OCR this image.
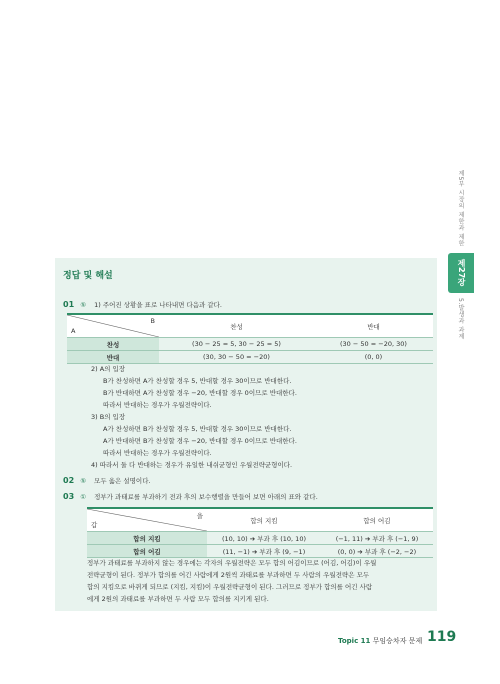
제5부 시장의 제한과 제한
제27장
5.발생과 과제
정답 및 해설
01 ⑤ 1) 주어진 상황을 표로 나타내면 다음과 같다.
B
A	찬성	반대
찬성	(30 − 25 = 5, 30 − 25 = 5)	(30 − 50 = −20, 30)
반대	(30, 30 − 50 = −20)	(0, 0)
2) A의 입장
B가 찬성하면 A가 찬성할 경우 5, 반대할 경우 30이므로 반대한다.
B가 반대하면 A가 찬성할 경우 −20, 반대할 경우 0이므로 반대한다.
따라서 반대하는 경우가 우월전략이다.
3) B의 입장
A가 찬성하면 B가 찬성할 경우 5, 반대할 경우 30이므로 반대한다.
A가 반대하면 B가 찬성할 경우 −20, 반대할 경우 0이므로 반대한다.
따라서 반대하는 경우가 우월전략이다.
4) 따라서 둘 다 반대하는 경우가 유일한 내쉬균형인 우월전략균형이다.
02 ⑤ 모두 옳은 설명이다.
03 ① 정부가 과태료를 부과하기 전과 후의 보수행렬을 만들어 보면 아래의 표와 같다.
을
갑	합의 지킴	합의 어김
합의 지킴	(10, 10) ➔ 부과 후 (10, 10)	(−1, 11) ➔ 부과 후 (−1, 9)
합의 어김	(11, −1) ➔ 부과 후 (9, −1)	(0, 0) ➔ 부과 후 (−2, −2)
정부가 과태료를 부과하지 않는 경우에는 각자의 우월전략은 모두 합의 어김이므로 (어김, 어김)이 우월
전략균형이 된다. 정부가 합의를 어긴 사람에게 2원씩 과태료를 부과하면 두 사람의 우월전략은 모두
합의 지킴으로 바뀌게 되므로 (지킴, 지킴)이 우월전략균형이 된다. 그러므로 정부가 합의를 어긴 사람
에게 2원의 과태료를 부과하면 두 사람 모두 합의를 지키게 된다.
Topic 11 무임승차자 문제 119
